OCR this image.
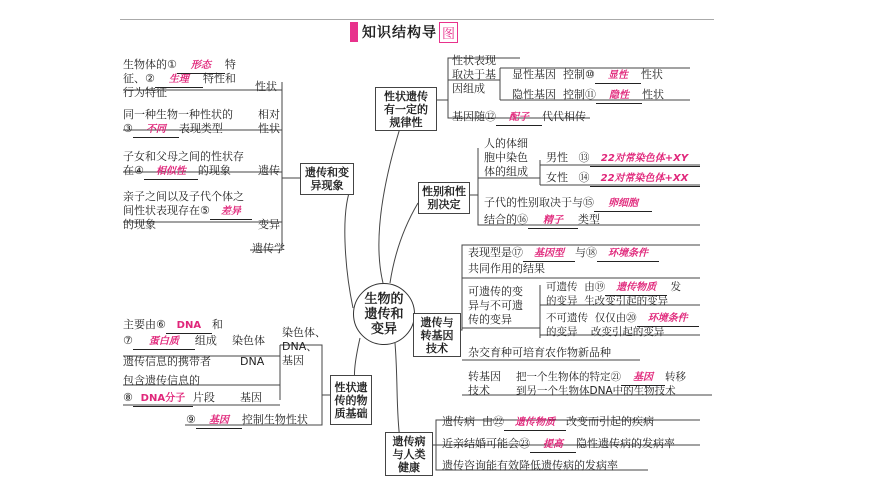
知识结构导 图
生物的
遗传和
变异
遗传和变异现象
性状遗传有一定的规律性
性别和性别决定
遗传与转基因技术
性状遗传的物质基础
遗传病与人类健康
生物体的① 形态 特
征、② 生理 特性和
行为特征	性状
同一种生物一种性状的
③ 不同 表现类型
相对
性状
子女和父母之间的性状存
在④ 相似性 的现象 遗传
亲子之间以及子代个体之
间性状表现存在⑤ 差异
的现象	变异
遗传学
主要由⑥ DNA 和
⑦ 蛋白质 组成 染色体
遗传信息的携带者	DNA
包含遗传信息的
⑧ DNA分子 片段 基因
染色体、
DNA、
基因
⑨ 基因 控制生物性状
性状表现
取决于基
因组成
显性基因 控制⑩ 显性 性状
隐性基因 控制⑪ 隐性 性状
基因随⑫ 配子 代代相传
人的体细
胞中染色
体的组成
男性 ⑬ 22对常染色体+XY
女性 ⑭ 22对常染色体+XX
子代的性别取决于与⑮ 卵细胞
结合的⑯ 精子 类型
表现型是⑰ 基因型 与⑱ 环境条件
共同作用的结果
可遗传的变
异与不可遗
传的变异
可遗传 由⑲ 遗传物质 发
的变异 生改变引起的变异
不可遗传 仅仅由⑳ 环境条件
的变异 改变引起的变异
杂交育种可培育农作物新品种
转基因
技术
把一个生物体的特定㉑ 基因 转移
到另一个生物体DNA中的生物技术
遗传病 由㉒ 遗传物质 改变而引起的疾病
近亲结婚可能会㉓ 提高 隐性遗传病的发病率
遗传咨询能有效降低遗传病的发病率
